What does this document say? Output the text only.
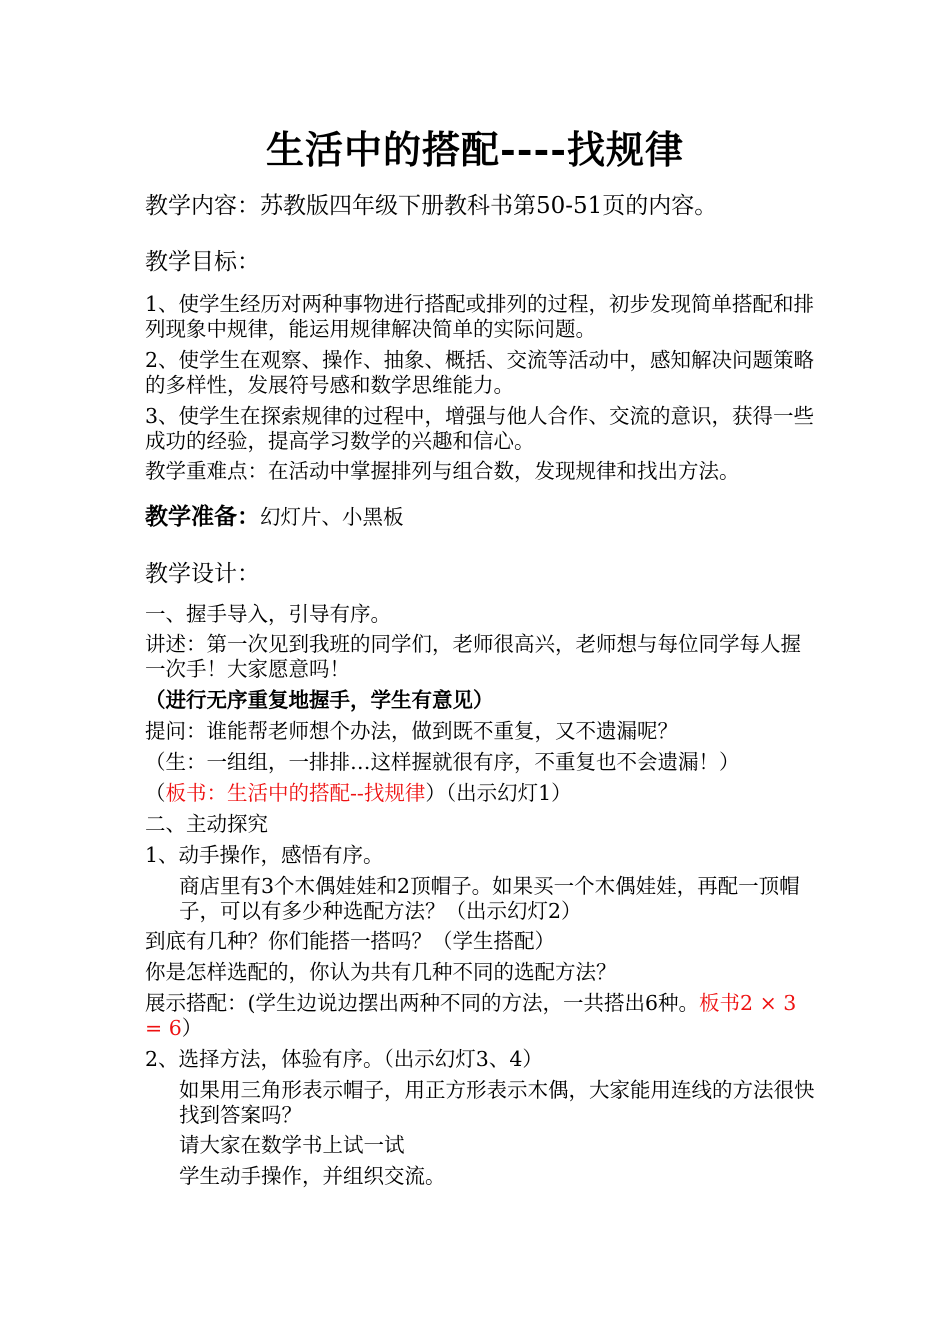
生活中的搭配----找规律
教学内容：苏教版四年级下册教科书第50-51页的内容。
教学目标：
1、使学生经历对两种事物进行搭配或排列的过程，初步发现简单搭配和排列现象中规律，能运用规律解决简单的实际问题。
2、使学生在观察、操作、抽象、概括、交流等活动中，感知解决问题策略的多样性，发展符号感和数学思维能力。
3、使学生在探索规律的过程中，增强与他人合作、交流的意识，获得一些成功的经验，提高学习数学的兴趣和信心。
教学重难点：在活动中掌握排列与组合数，发现规律和找出方法。
教学准备：幻灯片、小黑板
教学设计：
一、握手导入，引导有序。
讲述：第一次见到我班的同学们，老师很高兴，老师想与每位同学每人握一次手！大家愿意吗！
（进行无序重复地握手，学生有意见）
提问：谁能帮老师想个办法，做到既不重复，又不遗漏呢？
（生：一组组，一排排…这样握就很有序，不重复也不会遗漏！）
（板书：生活中的搭配--找规律）（出示幻灯1）
二、主动探究
1、动手操作，感悟有序。
商店里有3个木偶娃娃和2顶帽子。如果买一个木偶娃娃，再配一顶帽子，可以有多少种选配方法？（出示幻灯2）
到底有几种？你们能搭一搭吗？（学生搭配）
你是怎样选配的，你认为共有几种不同的选配方法？
展示搭配：(学生边说边摆出两种不同的方法，一共搭出6种。板书2 × 3　　= 6）
2、选择方法，体验有序。（出示幻灯3、4）
如果用三角形表示帽子，用正方形表示木偶，大家能用连线的方法很快找到答案吗？
请大家在数学书上试一试
学生动手操作，并组织交流。
